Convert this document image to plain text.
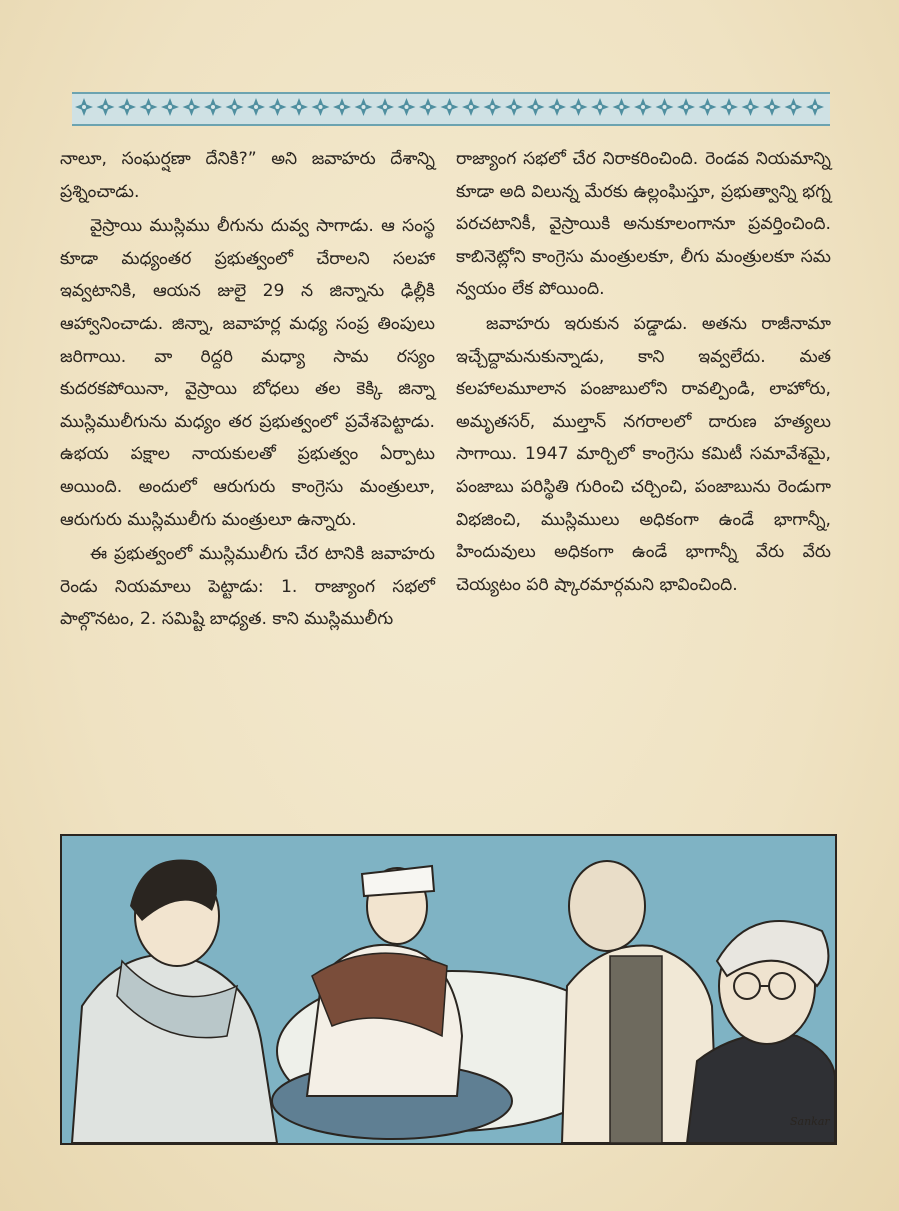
నాలూ, సంఘర్షణా దేనికి?” అని జవాహరు దేశాన్ని ప్రశ్నించాడు.

వైస్రాయి ముస్లిము లీగును దువ్వ సాగాడు. ఆ సంస్థ కూడా మధ్యంతర ప్రభుత్వంలో చేరాలని సలహా ఇవ్వటానికి, ఆయన జులై 29 న జిన్నాను ఢిల్లీకి ఆహ్వానించాడు. జిన్నా, జవాహర్ల మధ్య సంప్ర తింపులు జరిగాయి. వా రిద్దరి మధ్యా సామ రస్యం కుదరకపోయినా, వైస్రాయి బోధలు తల కెక్కి జిన్నా ముస్లిములీగును మధ్యం తర ప్రభుత్వంలో ప్రవేశపెట్టాడు. ఉభయ పక్షాల నాయకులతో ప్రభుత్వం ఏర్పాటు అయింది. అందులో ఆరుగురు కాంగ్రెసు మంత్రులూ, ఆరుగురు ముస్లిములీగు మంత్రులూ ఉన్నారు.

ఈ ప్రభుత్వంలో ముస్లిములీగు చేర టానికి జవాహరు రెండు నియమాలు పెట్టాడు: 1. రాజ్యాంగ సభలో పాల్గొనటం, 2. సమిష్టి బాధ్యత. కాని ముస్లిములీగు

రాజ్యాంగ సభలో చేర నిరాకరించింది. రెండవ నియమాన్ని కూడా అది విలున్న మేరకు ఉల్లంఘిస్తూ, ప్రభుత్వాన్ని భగ్న పరచటానికీ, వైస్రాయికి అనుకూలంగానూ ప్రవర్తించింది. కాబినెట్లోని కాంగ్రెసు మంత్రులకూ, లీగు మంత్రులకూ సమ న్వయం లేక పోయింది.

జవాహరు ఇరుకున పడ్డాడు. అతను రాజీనామా ఇచ్చేద్దామనుకున్నాడు, కాని ఇవ్వలేదు. మత కలహాలమూలాన పంజాబులోని రావల్పిండి, లాహోరు, అమృతసర్, ముల్తాన్ నగరాలలో దారుణ హత్యలు సాగాయి. 1947 మార్చిలో కాంగ్రెసు కమిటీ సమావేశమై, పంజాబు పరిస్థితి గురించి చర్చించి, పంజాబును రెండుగా విభజించి, ముస్లిములు అధికంగా ఉండే భాగాన్నీ, హిందువులు అధికంగా ఉండే భాగాన్నీ వేరు వేరు చెయ్యటం పరి ష్కారమార్గమని భావించింది.

Sankar
